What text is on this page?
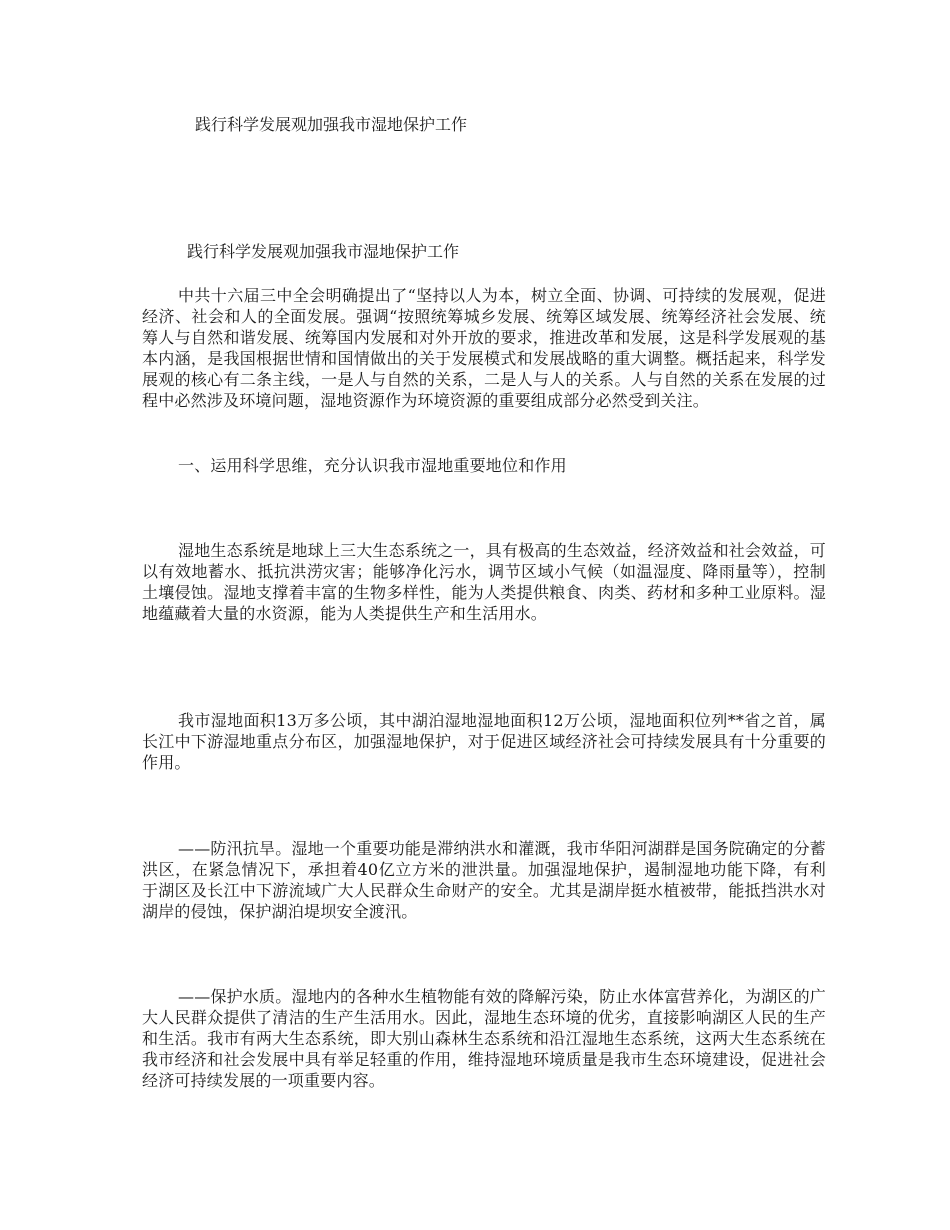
践行科学发展观加强我市湿地保护工作
践行科学发展观加强我市湿地保护工作

中共十六届三中全会明确提出了“坚持以人为本，树立全面、协调、可持续的发展观，促进经济、社会和人的全面发展。强调“按照统筹城乡发展、统筹区域发展、统筹经济社会发展、统筹人与自然和谐发展、统筹国内发展和对外开放的要求，推进改革和发展，这是科学发展观的基本内涵，是我国根据世情和国情做出的关于发展模式和发展战略的重大调整。概括起来，科学发展观的核心有二条主线，一是人与自然的关系，二是人与人的关系。人与自然的关系在发展的过程中必然涉及环境问题，湿地资源作为环境资源的重要组成部分必然受到关注。

一、运用科学思维，充分认识我市湿地重要地位和作用

湿地生态系统是地球上三大生态系统之一，具有极高的生态效益，经济效益和社会效益，可以有效地蓄水、抵抗洪涝灾害；能够净化污水，调节区域小气候（如温湿度、降雨量等），控制土壤侵蚀。湿地支撑着丰富的生物多样性，能为人类提供粮食、肉类、药材和多种工业原料。湿地蕴藏着大量的水资源，能为人类提供生产和生活用水。

我市湿地面积13万多公顷，其中湖泊湿地湿地面积12万公顷，湿地面积位列**省之首，属长江中下游湿地重点分布区，加强湿地保护，对于促进区域经济社会可持续发展具有十分重要的作用。

——防汛抗旱。湿地一个重要功能是滞纳洪水和灌溉，我市华阳河湖群是国务院确定的分蓄洪区，在紧急情况下，承担着40亿立方米的泄洪量。加强湿地保护，遏制湿地功能下降，有利于湖区及长江中下游流域广大人民群众生命财产的安全。尤其是湖岸挺水植被带，能抵挡洪水对湖岸的侵蚀，保护湖泊堤坝安全渡汛。

——保护水质。湿地内的各种水生植物能有效的降解污染，防止水体富营养化，为湖区的广大人民群众提供了清洁的生产生活用水。因此，湿地生态环境的优劣，直接影响湖区人民的生产和生活。我市有两大生态系统，即大别山森林生态系统和沿江湿地生态系统，这两大生态系统在我市经济和社会发展中具有举足轻重的作用，维持湿地环境质量是我市生态环境建设，促进社会经济可持续发展的一项重要内容。
